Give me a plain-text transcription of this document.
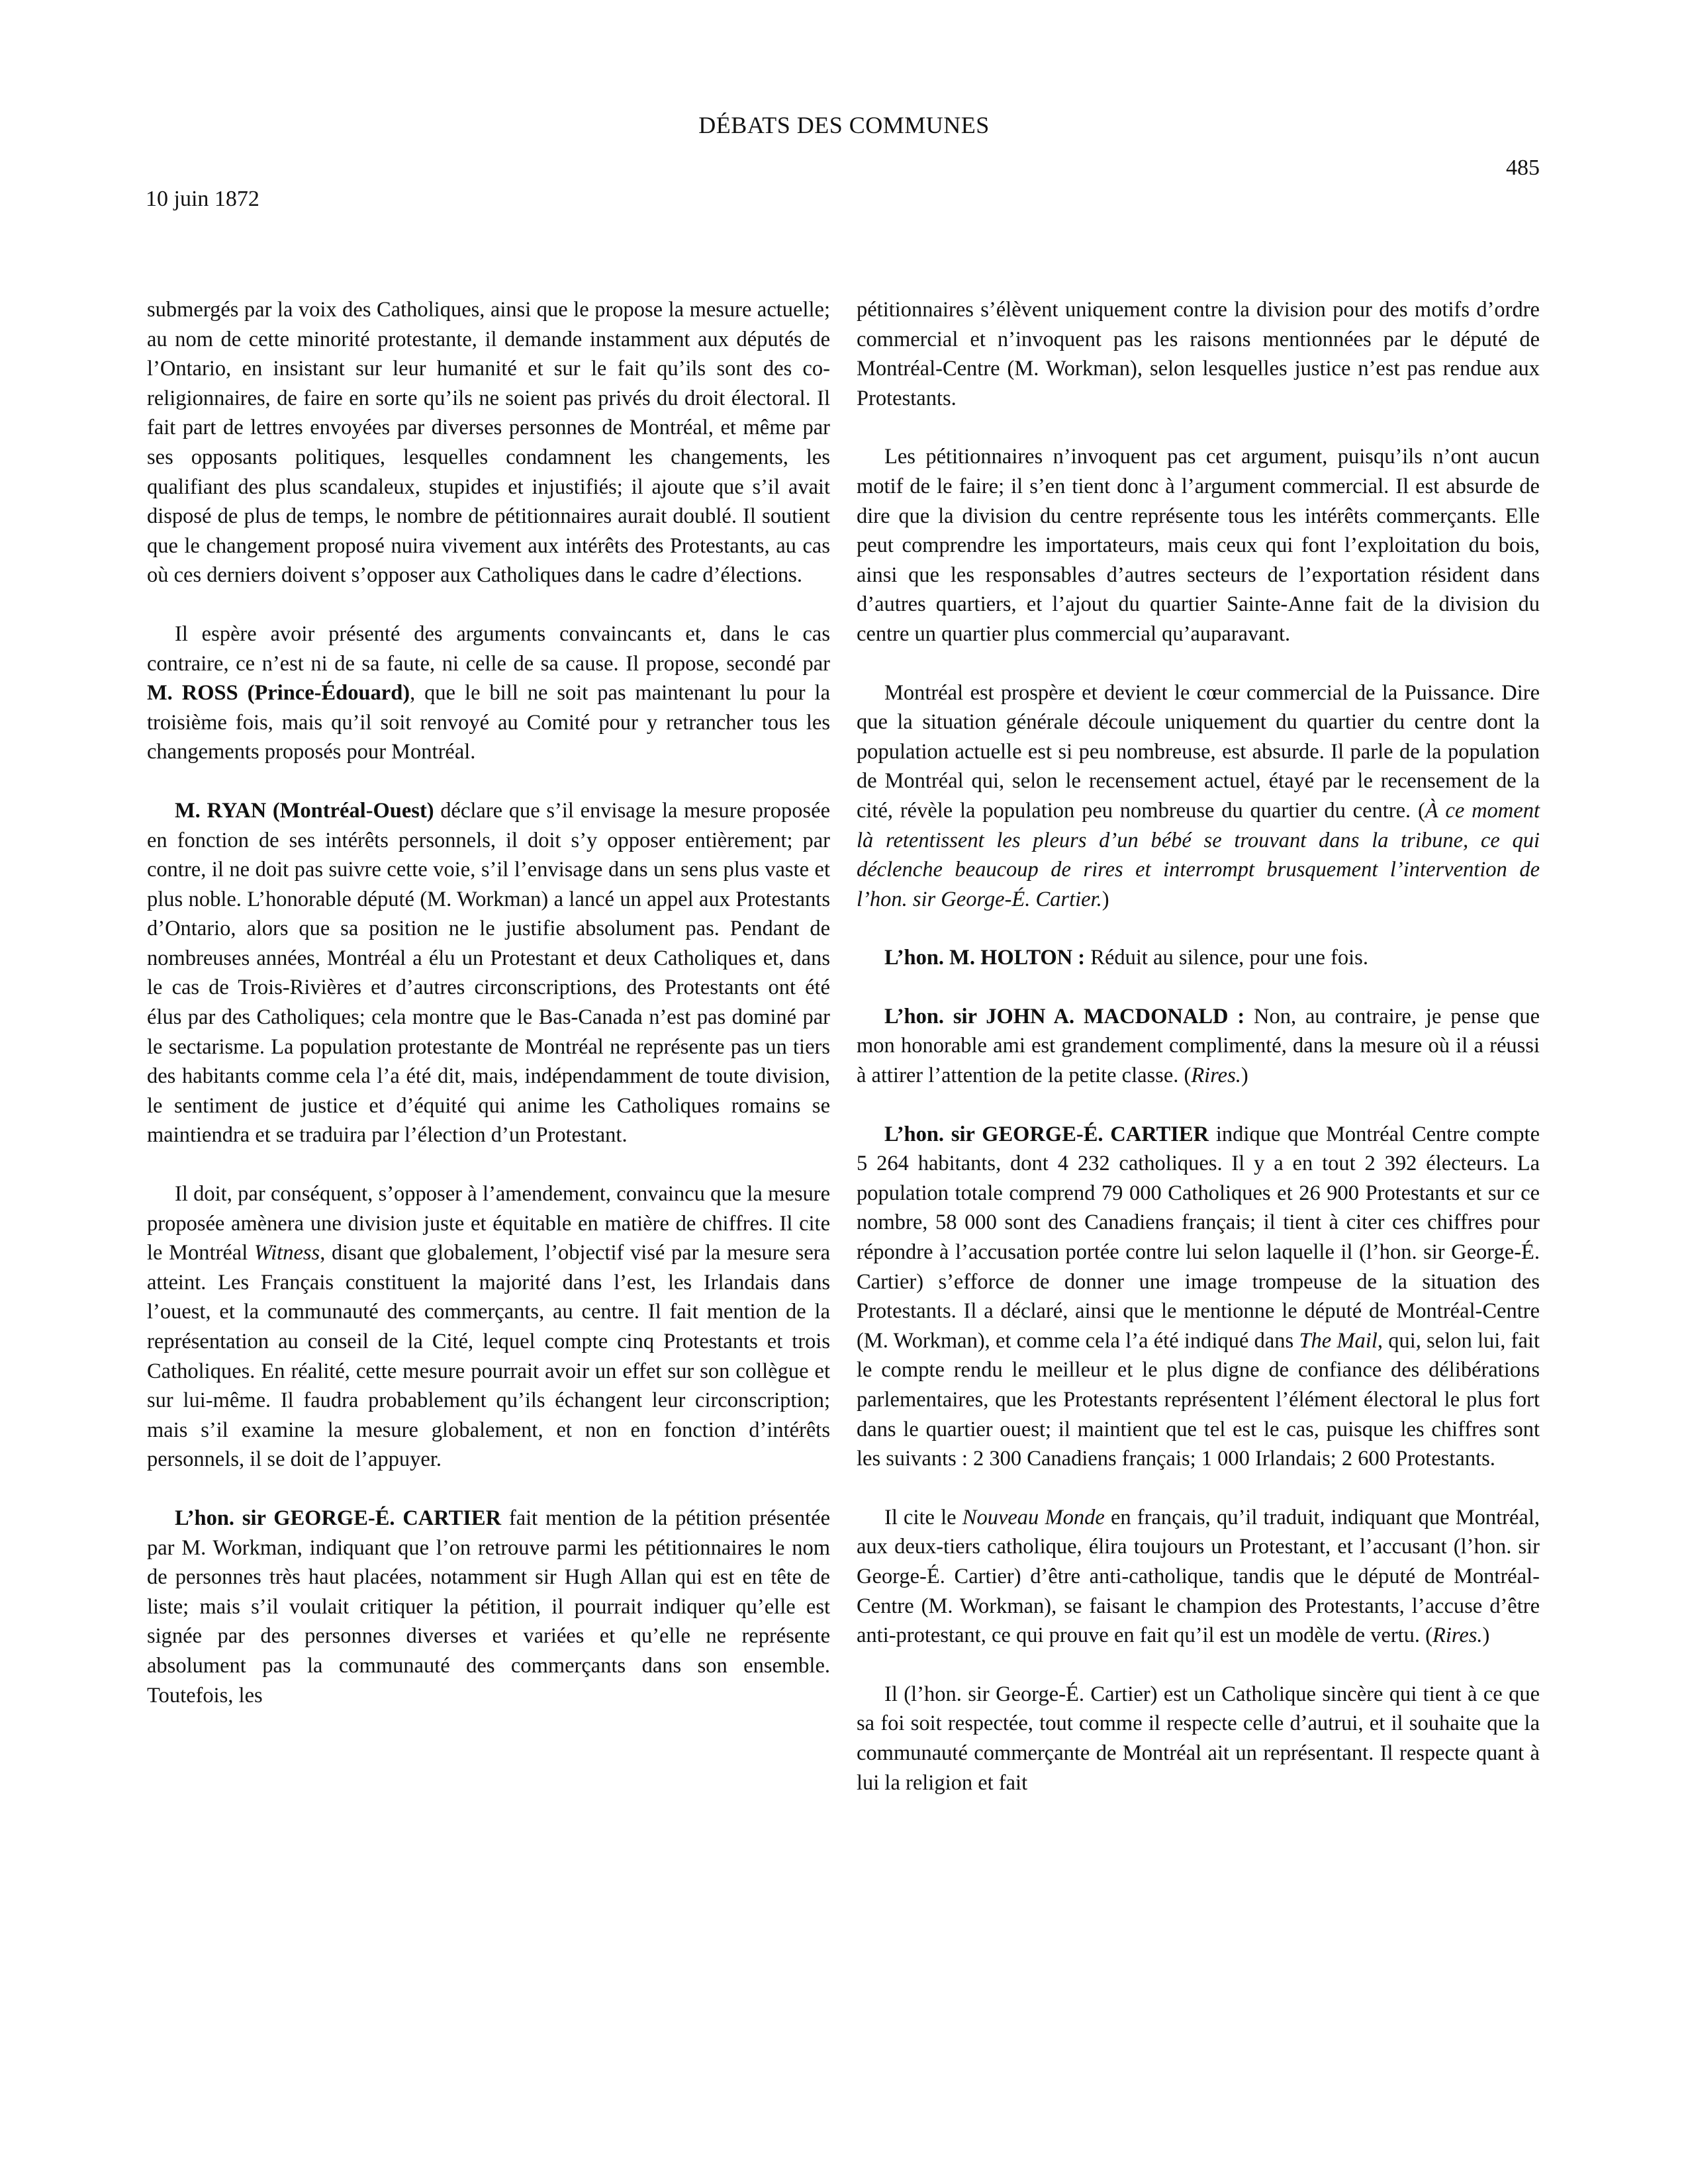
DÉBATS DES COMMUNES
10 juin 1872
485

submergés par la voix des Catholiques, ainsi que le propose la mesure actuelle; au nom de cette minorité protestante, il demande instamment aux députés de l’Ontario, en insistant sur leur humanité et sur le fait qu’ils sont des co-religionnaires, de faire en sorte qu’ils ne soient pas privés du droit électoral. Il fait part de lettres envoyées par diverses personnes de Montréal, et même par ses opposants politiques, lesquelles condamnent les changements, les qualifiant des plus scandaleux, stupides et injustifiés; il ajoute que s’il avait disposé de plus de temps, le nombre de pétitionnaires aurait doublé. Il soutient que le changement proposé nuira vivement aux intérêts des Protestants, au cas où ces derniers doivent s’opposer aux Catholiques dans le cadre d’élections.

Il espère avoir présenté des arguments convaincants et, dans le cas contraire, ce n’est ni de sa faute, ni celle de sa cause. Il propose, secondé par M. ROSS (Prince-Édouard), que le bill ne soit pas maintenant lu pour la troisième fois, mais qu’il soit renvoyé au Comité pour y retrancher tous les changements proposés pour Montréal.

M. RYAN (Montréal-Ouest) déclare que s’il envisage la mesure proposée en fonction de ses intérêts personnels, il doit s’y opposer entièrement; par contre, il ne doit pas suivre cette voie, s’il l’envisage dans un sens plus vaste et plus noble. L’honorable député (M. Workman) a lancé un appel aux Protestants d’Ontario, alors que sa position ne le justifie absolument pas. Pendant de nombreuses années, Montréal a élu un Protestant et deux Catholiques et, dans le cas de Trois-Rivières et d’autres circonscriptions, des Protestants ont été élus par des Catholiques; cela montre que le Bas-Canada n’est pas dominé par le sectarisme. La population protestante de Montréal ne représente pas un tiers des habitants comme cela l’a été dit, mais, indépendamment de toute division, le sentiment de justice et d’équité qui anime les Catholiques romains se maintiendra et se traduira par l’élection d’un Protestant.

Il doit, par conséquent, s’opposer à l’amendement, convaincu que la mesure proposée amènera une division juste et équitable en matière de chiffres. Il cite le Montréal Witness, disant que globalement, l’objectif visé par la mesure sera atteint. Les Français constituent la majorité dans l’est, les Irlandais dans l’ouest, et la communauté des commerçants, au centre. Il fait mention de la représentation au conseil de la Cité, lequel compte cinq Protestants et trois Catholiques. En réalité, cette mesure pourrait avoir un effet sur son collègue et sur lui-même. Il faudra probablement qu’ils échangent leur circonscription; mais s’il examine la mesure globalement, et non en fonction d’intérêts personnels, il se doit de l’appuyer.

L’hon. sir GEORGE-É. CARTIER fait mention de la pétition présentée par M. Workman, indiquant que l’on retrouve parmi les pétitionnaires le nom de personnes très haut placées, notamment sir Hugh Allan qui est en tête de liste; mais s’il voulait critiquer la pétition, il pourrait indiquer qu’elle est signée par des personnes diverses et variées et qu’elle ne représente absolument pas la communauté des commerçants dans son ensemble. Toutefois, les

pétitionnaires s’élèvent uniquement contre la division pour des motifs d’ordre commercial et n’invoquent pas les raisons mentionnées par le député de Montréal-Centre (M. Workman), selon lesquelles justice n’est pas rendue aux Protestants.

Les pétitionnaires n’invoquent pas cet argument, puisqu’ils n’ont aucun motif de le faire; il s’en tient donc à l’argument commercial. Il est absurde de dire que la division du centre représente tous les intérêts commerçants. Elle peut comprendre les importateurs, mais ceux qui font l’exploitation du bois, ainsi que les responsables d’autres secteurs de l’exportation résident dans d’autres quartiers, et l’ajout du quartier Sainte-Anne fait de la division du centre un quartier plus commercial qu’auparavant.

Montréal est prospère et devient le cœur commercial de la Puissance. Dire que la situation générale découle uniquement du quartier du centre dont la population actuelle est si peu nombreuse, est absurde. Il parle de la population de Montréal qui, selon le recensement actuel, étayé par le recensement de la cité, révèle la population peu nombreuse du quartier du centre. (À ce moment là retentissent les pleurs d’un bébé se trouvant dans la tribune, ce qui déclenche beaucoup de rires et interrompt brusquement l’intervention de l’hon. sir George-É. Cartier.)

L’hon. M. HOLTON : Réduit au silence, pour une fois.

L’hon. sir JOHN A. MACDONALD : Non, au contraire, je pense que mon honorable ami est grandement complimenté, dans la mesure où il a réussi à attirer l’attention de la petite classe. (Rires.)

L’hon. sir GEORGE-É. CARTIER indique que Montréal Centre compte 5 264 habitants, dont 4 232 catholiques. Il y a en tout 2 392 électeurs. La population totale comprend 79 000 Catholiques et 26 900 Protestants et sur ce nombre, 58 000 sont des Canadiens français; il tient à citer ces chiffres pour répondre à l’accusation portée contre lui selon laquelle il (l’hon. sir George-É. Cartier) s’efforce de donner une image trompeuse de la situation des Protestants. Il a déclaré, ainsi que le mentionne le député de Montréal-Centre (M. Workman), et comme cela l’a été indiqué dans The Mail, qui, selon lui, fait le compte rendu le meilleur et le plus digne de confiance des délibérations parlementaires, que les Protestants représentent l’élément électoral le plus fort dans le quartier ouest; il maintient que tel est le cas, puisque les chiffres sont les suivants : 2 300 Canadiens français; 1 000 Irlandais; 2 600 Protestants.

Il cite le Nouveau Monde en français, qu’il traduit, indiquant que Montréal, aux deux-tiers catholique, élira toujours un Protestant, et l’accusant (l’hon. sir George-É. Cartier) d’être anti-catholique, tandis que le député de Montréal-Centre (M. Workman), se faisant le champion des Protestants, l’accuse d’être anti-protestant, ce qui prouve en fait qu’il est un modèle de vertu. (Rires.)

Il (l’hon. sir George-É. Cartier) est un Catholique sincère qui tient à ce que sa foi soit respectée, tout comme il respecte celle d’autrui, et il souhaite que la communauté commerçante de Montréal ait un représentant. Il respecte quant à lui la religion et fait
